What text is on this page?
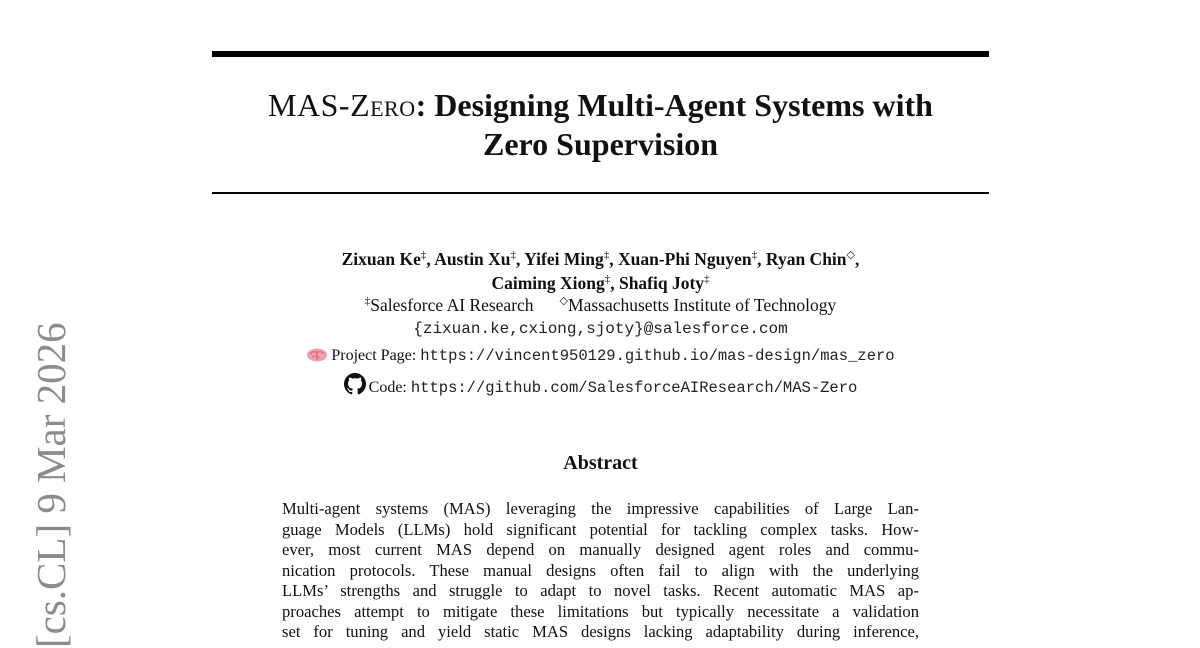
MAS-Zero: Designing Multi-Agent Systems with
Zero Supervision
Zixuan Ke‡, Austin Xu‡, Yifei Ming‡, Xuan-Phi Nguyen‡, Ryan Chin◇,
Caiming Xiong‡, Shafiq Joty‡
‡Salesforce AI Research ◇Massachusetts Institute of Technology
{zixuan.ke,cxiong,sjoty}@salesforce.com
Project Page: https://vincent950129.github.io/mas-design/mas_zero
Code: https://github.com/SalesforceAIResearch/MAS-Zero
Abstract
Multi-agent systems (MAS) leveraging the impressive capabilities of Large Lan-
guage Models (LLMs) hold significant potential for tackling complex tasks. How-
ever, most current MAS depend on manually designed agent roles and commu-
nication protocols. These manual designs often fail to align with the underlying
LLMs’ strengths and struggle to adapt to novel tasks. Recent automatic MAS ap-
proaches attempt to mitigate these limitations but typically necessitate a validation
set for tuning and yield static MAS designs lacking adaptability during inference,
[cs.CL] 9 Mar 2026
